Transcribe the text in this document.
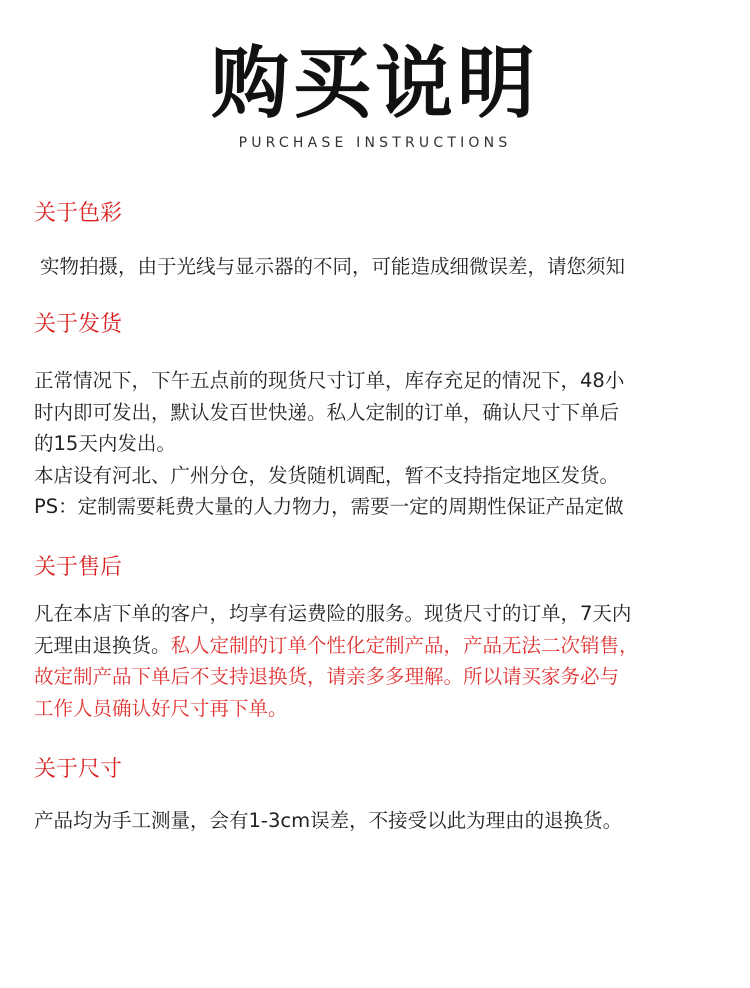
购买说明
PURCHASE INSTRUCTIONS
关于色彩

实物拍摄，由于光线与显示器的不同，可能造成细微误差，请您须知

关于发货

正常情况下，下午五点前的现货尺寸订单，库存充足的情况下，48小

时内即可发出，默认发百世快递。私人定制的订单，确认尺寸下单后

的15天内发出。

本店设有河北、广州分仓，发货随机调配，暂不支持指定地区发货。

PS：定制需要耗费大量的人力物力，需要一定的周期性保证产品定做

关于售后

凡在本店下单的客户，均享有运费险的服务。现货尺寸的订单，7天内

无理由退换货。私人定制的订单个性化定制产品，产品无法二次销售，

故定制产品下单后不支持退换货，请亲多多理解。所以请买家务必与

工作人员确认好尺寸再下单。

关于尺寸

产品均为手工测量，会有1-3cm误差，不接受以此为理由的退换货。
